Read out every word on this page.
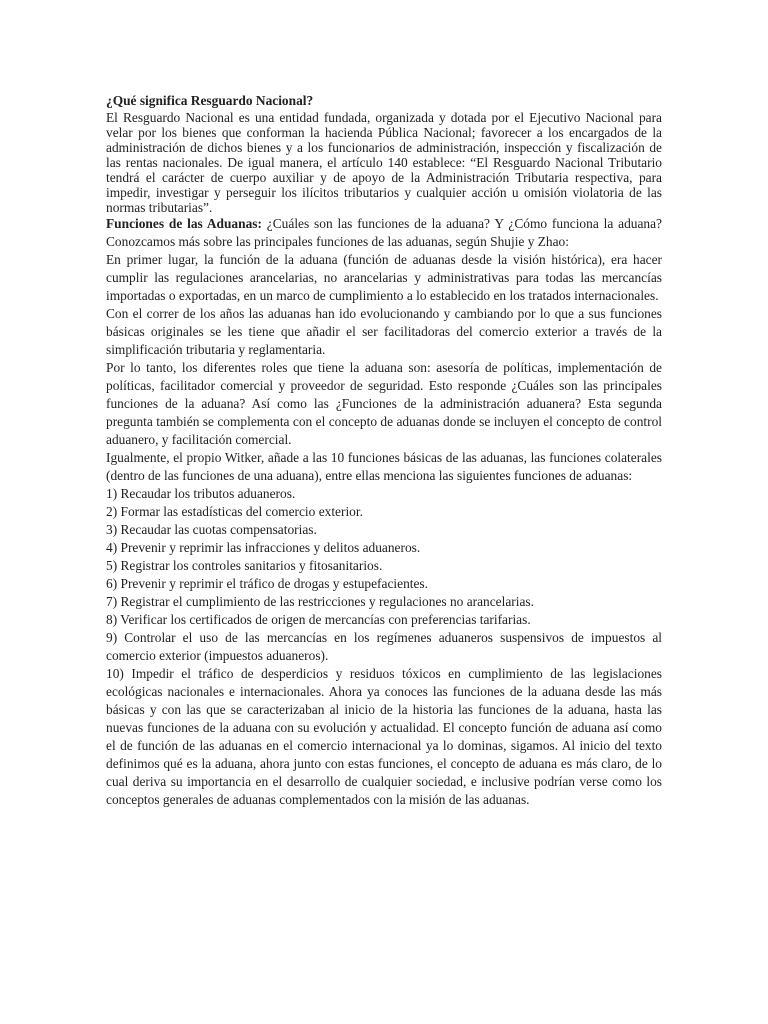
¿Qué significa Resguardo Nacional?

El Resguardo Nacional es una entidad fundada, organizada y dotada por el Ejecutivo Nacional para velar por los bienes que conforman la hacienda Pública Nacional; favorecer a los encargados de la administración de dichos bienes y a los funcionarios de administración, inspección y fiscalización de las rentas nacionales. De igual manera, el artículo 140 establece: “El Resguardo Nacional Tributario tendrá el carácter de cuerpo auxiliar y de apoyo de la Administración Tributaria respectiva, para impedir, investigar y perseguir los ilícitos tributarios y cualquier acción u omisión violatoria de las normas tributarias”.

Funciones de las Aduanas: ¿Cuáles son las funciones de la aduana? Y ¿Cómo funciona la aduana? Conozcamos más sobre las principales funciones de las aduanas, según Shujie y Zhao:

En primer lugar, la función de la aduana (función de aduanas desde la visión histórica), era hacer cumplir las regulaciones arancelarias, no arancelarias y administrativas para todas las mercancías importadas o exportadas, en un marco de cumplimiento a lo establecido en los tratados internacionales.

Con el correr de los años las aduanas han ido evolucionando y cambiando por lo que a sus funciones básicas originales se les tiene que añadir el ser facilitadoras del comercio exterior a través de la simplificación tributaria y reglamentaria.

Por lo tanto, los diferentes roles que tiene la aduana son: asesoría de políticas, implementación de políticas, facilitador comercial y proveedor de seguridad. Esto responde ¿Cuáles son las principales funciones de la aduana? Así como las ¿Funciones de la administración aduanera? Esta segunda pregunta también se complementa con el concepto de aduanas donde se incluyen el concepto de control aduanero, y facilitación comercial.

Igualmente, el propio Witker, añade a las 10 funciones básicas de las aduanas, las funciones colaterales (dentro de las funciones de una aduana), entre ellas menciona las siguientes funciones de aduanas:

1) Recaudar los tributos aduaneros.
2) Formar las estadísticas del comercio exterior.
3) Recaudar las cuotas compensatorias.
4) Prevenir y reprimir las infracciones y delitos aduaneros.
5) Registrar los controles sanitarios y fitosanitarios.
6) Prevenir y reprimir el tráfico de drogas y estupefacientes.
7) Registrar el cumplimiento de las restricciones y regulaciones no arancelarias.
8) Verificar los certificados de origen de mercancías con preferencias tarifarias.
9) Controlar el uso de las mercancías en los regímenes aduaneros suspensivos de impuestos al comercio exterior (impuestos aduaneros).

10) Impedir el tráfico de desperdicios y residuos tóxicos en cumplimiento de las legislaciones ecológicas nacionales e internacionales. Ahora ya conoces las funciones de la aduana desde las más básicas y con las que se caracterizaban al inicio de la historia las funciones de la aduana, hasta las nuevas funciones de la aduana con su evolución y actualidad. El concepto función de aduana así como el de función de las aduanas en el comercio internacional ya lo dominas, sigamos. Al inicio del texto definimos qué es la aduana, ahora junto con estas funciones, el concepto de aduana es más claro, de lo cual deriva su importancia en el desarrollo de cualquier sociedad, e inclusive podrían verse como los conceptos generales de aduanas complementados con la misión de las aduanas.
